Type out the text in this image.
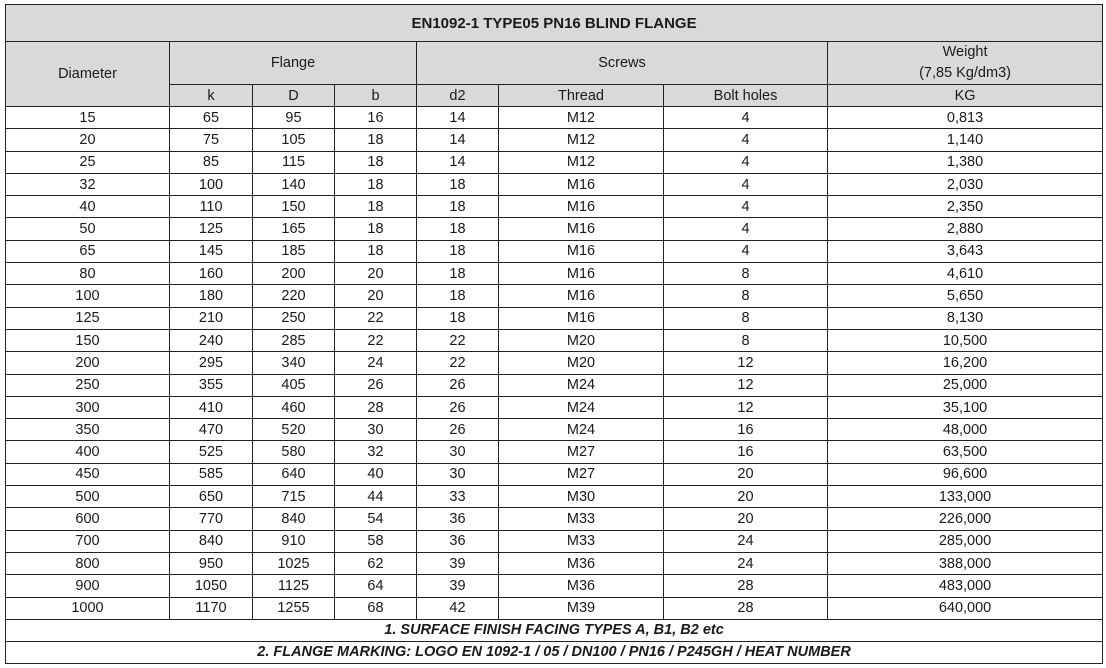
EN1092-1 TYPE05 PN16 BLIND FLANGE							
Diameter	Flange			Screws			Weight
(7,85 Kg/dm3)

	k	D	b	d2	Thread	Bolt holes	KG
15	65	95	16	14	M12	4	0,813
20	75	105	18	14	M12	4	1,140
25	85	115	18	14	M12	4	1,380
32	100	140	18	18	M16	4	2,030
40	110	150	18	18	M16	4	2,350
50	125	165	18	18	M16	4	2,880
65	145	185	18	18	M16	4	3,643
80	160	200	20	18	M16	8	4,610
100	180	220	20	18	M16	8	5,650
125	210	250	22	18	M16	8	8,130
150	240	285	22	22	M20	8	10,500
200	295	340	24	22	M20	12	16,200
250	355	405	26	26	M24	12	25,000
300	410	460	28	26	M24	12	35,100
350	470	520	30	26	M24	16	48,000
400	525	580	32	30	M27	16	63,500
450	585	640	40	30	M27	20	96,600
500	650	715	44	33	M30	20	133,000
600	770	840	54	36	M33	20	226,000
700	840	910	58	36	M33	24	285,000
800	950	1025	62	39	M36	24	388,000
900	1050	1125	64	39	M36	28	483,000
1000	1170	1255	68	42	M39	28	640,000
1. SURFACE FINISH FACING TYPES A, B1, B2 etc							
2. FLANGE MARKING: LOGO EN 1092-1 / 05 / DN100 / PN16 / P245GH / HEAT NUMBER							
